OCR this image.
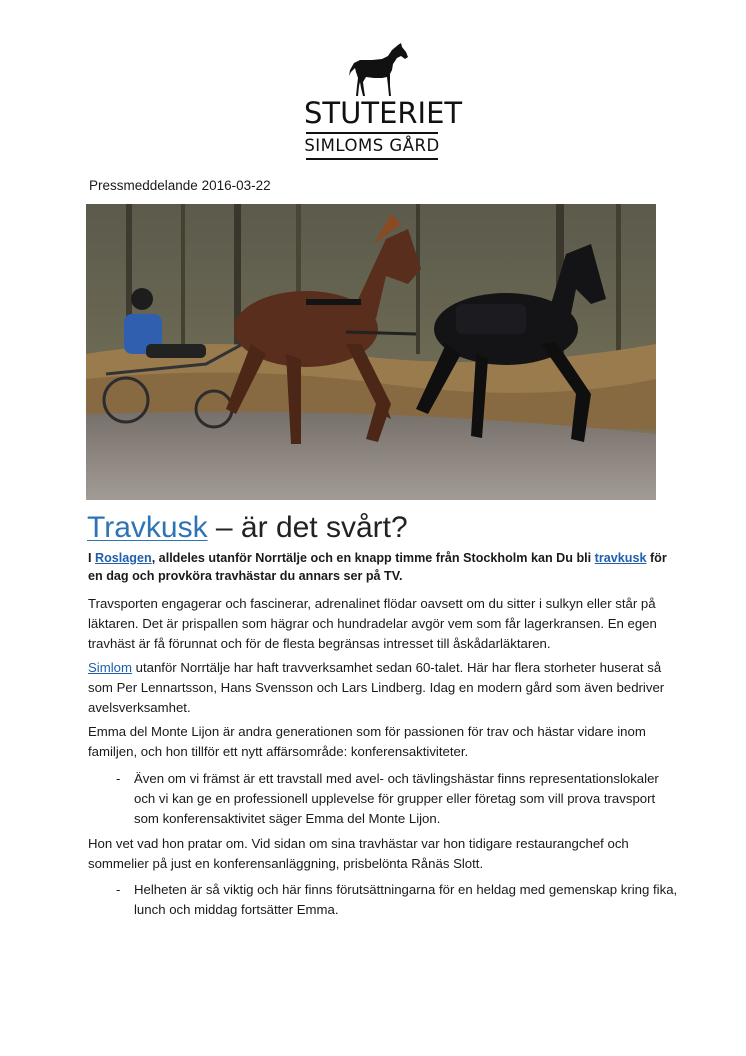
STUTERIET
SIMLOMS GÅRD
Pressmeddelande 2016-03-22
Travkusk – är det svårt?

I Roslagen, alldeles utanför Norrtälje och en knapp timme från Stockholm kan Du bli travkusk för en dag och provköra travhästar du annars ser på TV.

Travsporten engagerar och fascinerar, adrenalinet flödar oavsett om du sitter i sulkyn eller står på läktaren. Det är prispallen som hägrar och hundradelar avgör vem som får lagerkransen. En egen travhäst är få förunnat och för de flesta begränsas intresset till åskådarläktaren.

Simlom utanför Norrtälje har haft travverksamhet sedan 60-talet. Här har flera storheter huserat så som Per Lennartsson, Hans Svensson och Lars Lindberg. Idag en modern gård som även bedriver avelsverksamhet.

Emma del Monte Lijon är andra generationen som för passionen för trav och hästar vidare inom familjen, och hon tillför ett nytt affärsområde: konferensaktiviteter.

- Även om vi främst är ett travstall med avel- och tävlingshästar finns representationslokaler och vi kan ge en professionell upplevelse för grupper eller företag som vill prova travsport som konferensaktivitet säger Emma del Monte Lijon.

Hon vet vad hon pratar om. Vid sidan om sina travhästar var hon tidigare restaurangchef och sommelier på just en konferensanläggning, prisbelönta Rånäs Slott.

- Helheten är så viktig och här finns förutsättningarna för en heldag med gemenskap kring fika, lunch och middag fortsätter Emma.
